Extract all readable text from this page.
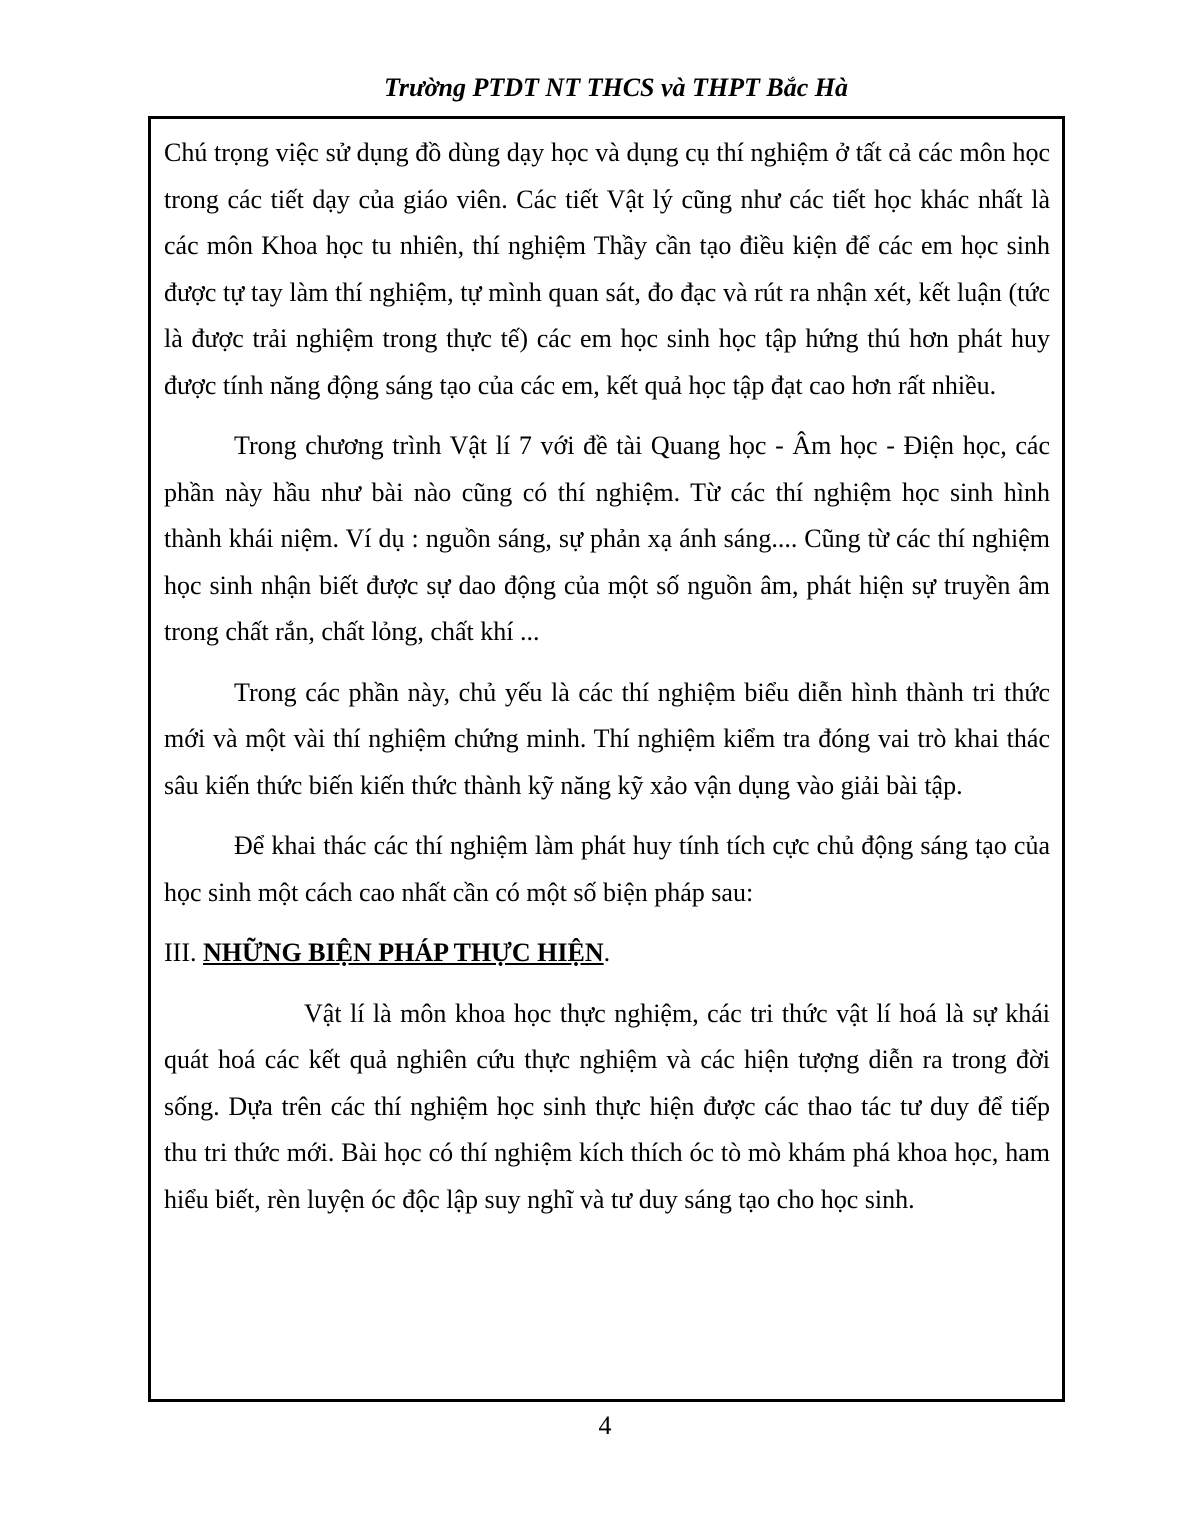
Trường PTDT NT THCS và THPT Bắc Hà

Chú trọng việc sử dụng đồ dùng dạy học và dụng cụ thí nghiệm ở tất cả các môn học trong các tiết dạy của giáo viên. Các tiết Vật lý cũng như các tiết học khác nhất là các môn Khoa học tu nhiên, thí nghiệm Thầy cần tạo điều kiện để các em học sinh được tự tay làm thí nghiệm, tự mình quan sát, đo đạc và rút ra nhận xét, kết luận (tức là được trải nghiệm trong thực tế) các em học sinh học tập hứng thú hơn phát huy được tính năng động sáng tạo của các em, kết quả học tập đạt cao hơn rất nhiều.

Trong chương trình Vật lí 7 với đề tài Quang học - Âm học - Điện học, các phần này hầu như bài nào cũng có thí nghiệm. Từ các thí nghiệm học sinh hình thành khái niệm. Ví dụ : nguồn sáng, sự phản xạ ánh sáng.... Cũng từ các thí nghiệm học sinh nhận biết được sự dao động của một số nguồn âm, phát hiện sự truyền âm trong chất rắn, chất lỏng, chất khí ...

Trong các phần này, chủ yếu là các thí nghiệm biểu diễn hình thành tri thức mới và một vài thí nghiệm chứng minh. Thí nghiệm kiểm tra đóng vai trò khai thác sâu kiến thức biến kiến thức thành kỹ năng kỹ xảo vận dụng vào giải bài tập.

Để khai thác các thí nghiệm làm phát huy tính tích cực chủ động sáng tạo của học sinh một cách cao nhất cần có một số biện pháp sau:

III. NHỮNG BIỆN PHÁP THỰC HIỆN.

Vật lí là môn khoa học thực nghiệm, các tri thức vật lí hoá là sự khái quát hoá các kết quả nghiên cứu thực nghiệm và các hiện tượng diễn ra trong đời sống. Dựa trên các thí nghiệm học sinh thực hiện được các thao tác tư duy để tiếp thu tri thức mới. Bài học có thí nghiệm kích thích óc tò mò khám phá khoa học, ham hiểu biết, rèn luyện óc độc lập suy nghĩ và tư duy sáng tạo cho học sinh.

4
